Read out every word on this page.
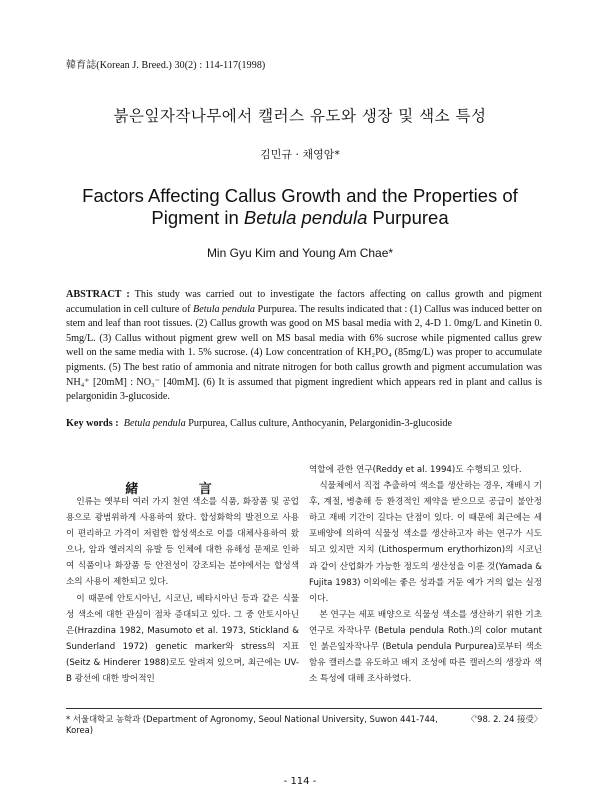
韓育誌(Korean J. Breed.) 30(2) : 114-117(1998)
붉은잎자작나무에서 캘러스 유도와 생장 및 색소 특성
김민규 · 채영암*
Factors Affecting Callus Growth and the Properties of
Pigment in Betula pendula Purpurea
Min Gyu Kim and Young Am Chae*
ABSTRACT : This study was carried out to investigate the factors affecting on callus growth and pigment accumulation in cell culture of Betula pendula Purpurea. The results indicated that : (1) Callus was induced better on stem and leaf than root tissues. (2) Callus growth was good on MS basal media with 2, 4-D 1. 0mg/L and Kinetin 0. 5mg/L. (3) Callus without pigment grew well on MS basal media with 6% sucrose while pigmented callus grew well on the same media with 1. 5% sucrose. (4) Low concentration of KH₂PO₄ (85mg/L) was proper to accumulate pigments. (5) The best ratio of ammonia and nitrate nitrogen for both callus growth and pigment accumulation was NH₄⁺ [20mM] : NO₃⁻ [40mM]. (6) It is assumed that pigment ingredient which appears red in plant and callus is pelargonidin 3-glucoside.
Key words : Betula pendula Purpurea, Callus culture, Anthocyanin, Pelargonidin-3-glucoside
緒 言

인류는 옛부터 여러 가지 천연 색소를 식품, 화장품 및 공업용으로 광범위하게 사용하여 왔다. 합성화학의 발전으로 사용이 편리하고 가격이 저렴한 합성색소로 이를 대체사용하여 왔으나, 암과 엘러지의 유발 등 인체에 대한 유해성 문제로 인하여 식품이나 화장품 등 안전성이 강조되는 분야에서는 합성색소의 사용이 제한되고 있다.

이 때문에 안토시아닌, 시코닌, 베타시아닌 등과 같은 식물성 색소에 대한 관심이 점차 증대되고 있다. 그 중 안토시아닌은(Hrazdina 1982, Masumoto et al. 1973, Stickland & Sunderland 1972) genetic marker와 stress의 지표(Seitz & Hinderer 1988)로도 알려져 있으며, 최근에는 UV-B 광선에 대한 방어적인

역할에 관한 연구(Reddy et al. 1994)도 수행되고 있다.

식물체에서 직접 추출하여 색소를 생산하는 경우, 재배시 기후, 계절, 병충해 등 환경적인 제약을 받으므로 공급이 불안정하고 재배 기간이 길다는 단점이 있다. 이 때문에 최근에는 세포배양에 의하여 식물성 색소를 생산하고자 하는 연구가 시도되고 있지만 지치 (Lithospermum erythorhizon)의 시코닌과 같이 산업화가 가능한 정도의 생산성을 이룬 것(Yamada & Fujita 1983) 이외에는 좋은 성과를 거둔 예가 거의 없는 실정이다.

본 연구는 세포 배양으로 식물성 색소를 생산하기 위한 기초 연구로 자작나무 (Betula pendula Roth.)의 color mutant인 붉은잎자작나무 (Betula pendula Purpurea)로부터 색소 함유 캘러스를 유도하고 배지 조성에 따른 캘러스의 생장과 색소 특성에 대해 조사하였다.

* 서울대학교 농학과 (Department of Agronomy, Seoul National University, Suwon 441-744, Korea)
〈'98. 2. 24 接受〉
- 114 -
